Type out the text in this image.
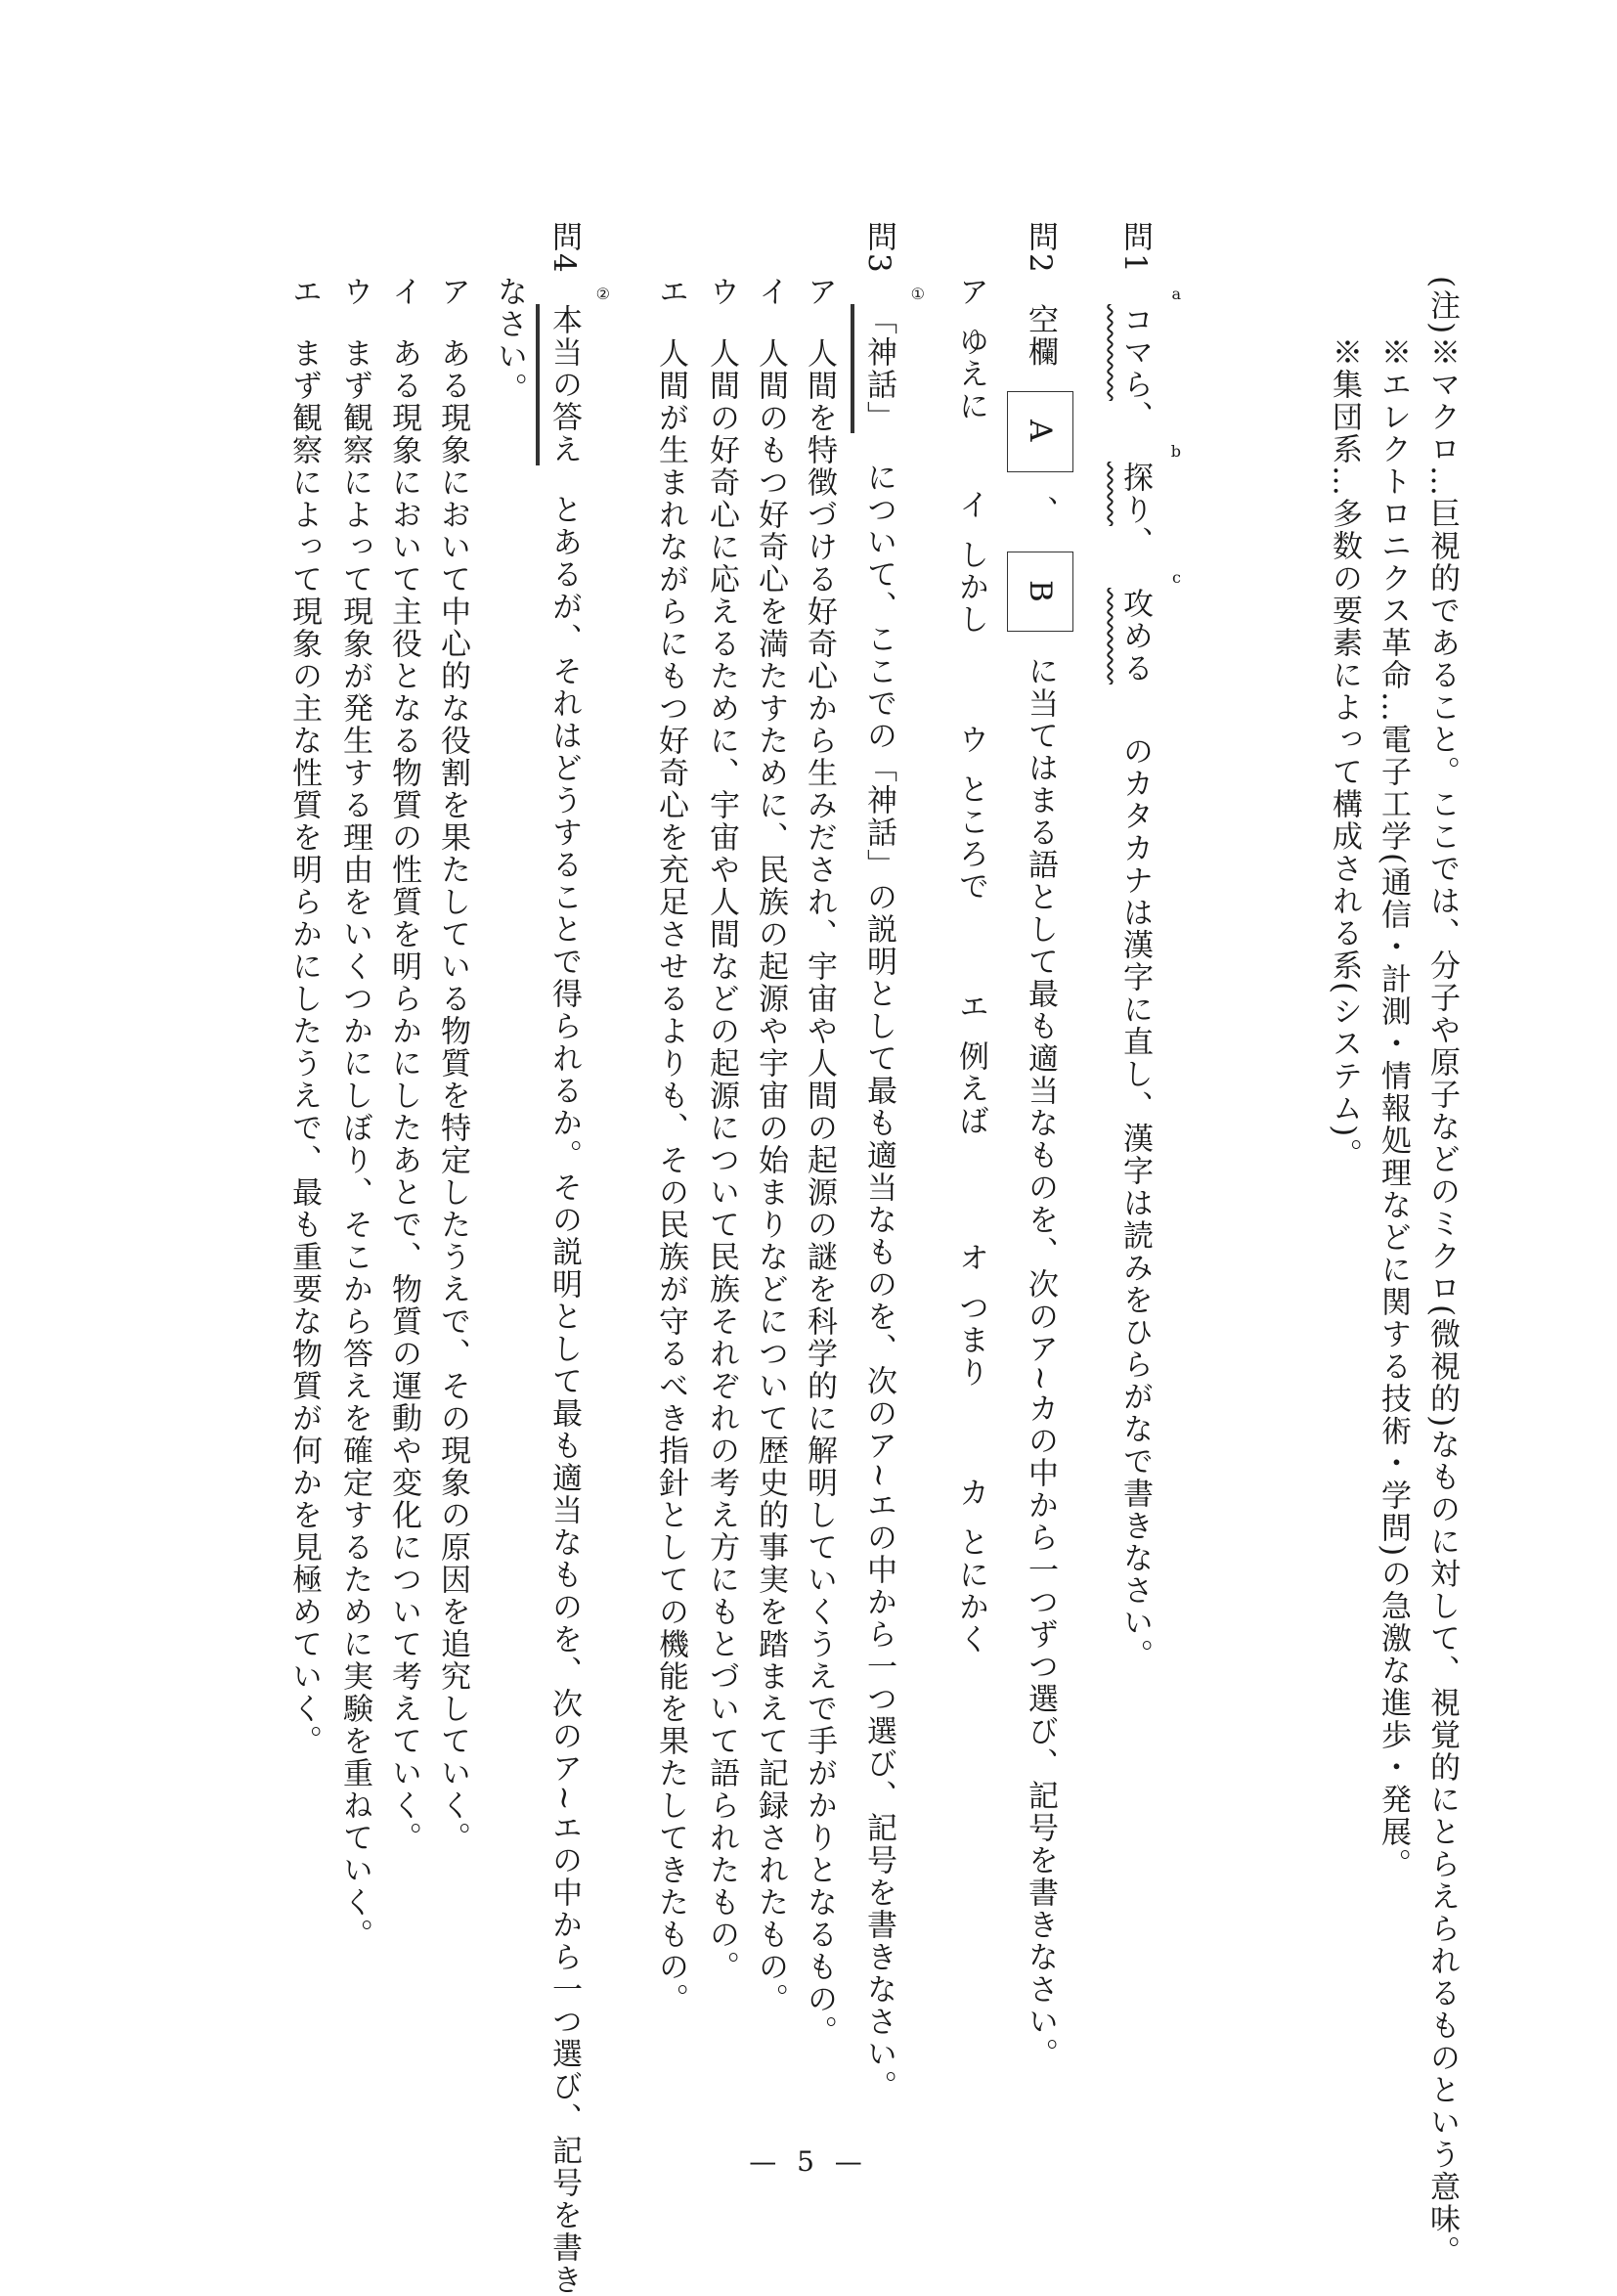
(注)
※マクロ…巨視的であること。ここでは、分子や原子などのミクロ(微視的)なものに対して、視覚的にとらえられるものという意味。
※エレクトロニクス革命…電子工学(通信・計測・情報処理などに関する技術・学問)の急激な進歩・発展。
※集団系…多数の要素によって構成される系(システム)。
問1
a
コマら、
b
探り、
c
攻める のカタカナは漢字に直し、漢字は読みをひらがなで書きなさい。
問2 空欄 A 、 B に当てはまる語として最も適当なものを、次のア~カの中から一つずつ選び、記号を書きなさい。
アゆえに イしかし ウところで エ例えば オつまり カとにかく
問3
①
「神話」 について、ここでの「神話」の説明として最も適当なものを、次のア~エの中から一つ選び、記号を書きなさい。
ア人間を特徴づける好奇心から生みだされ、宇宙や人間の起源の謎を科学的に解明していくうえで手がかりとなるもの。
イ人間のもつ好奇心を満たすために、民族の起源や宇宙の始まりなどについて歴史的事実を踏まえて記録されたもの。
ウ人間の好奇心に応えるために、宇宙や人間などの起源について民族それぞれの考え方にもとづいて語られたもの。
エ人間が生まれながらにもつ好奇心を充足させるよりも、その民族が守るべき指針としての機能を果たしてきたもの。
問4
②
本当の答え とあるが、それはどうすることで得られるか。その説明として最も適当なものを、次のア~エの中から一つ選び、記号を書き
なさい。
アある現象において中心的な役割を果たしている物質を特定したうえで、その現象の原因を追究していく。
イある現象において主役となる物質の性質を明らかにしたあとで、物質の運動や変化について考えていく。
ウまず観察によって現象が発生する理由をいくつかにしぼり、そこから答えを確定するために実験を重ねていく。
エまず観察によって現象の主な性質を明らかにしたうえで、最も重要な物質が何かを見極めていく。
— 5 —
